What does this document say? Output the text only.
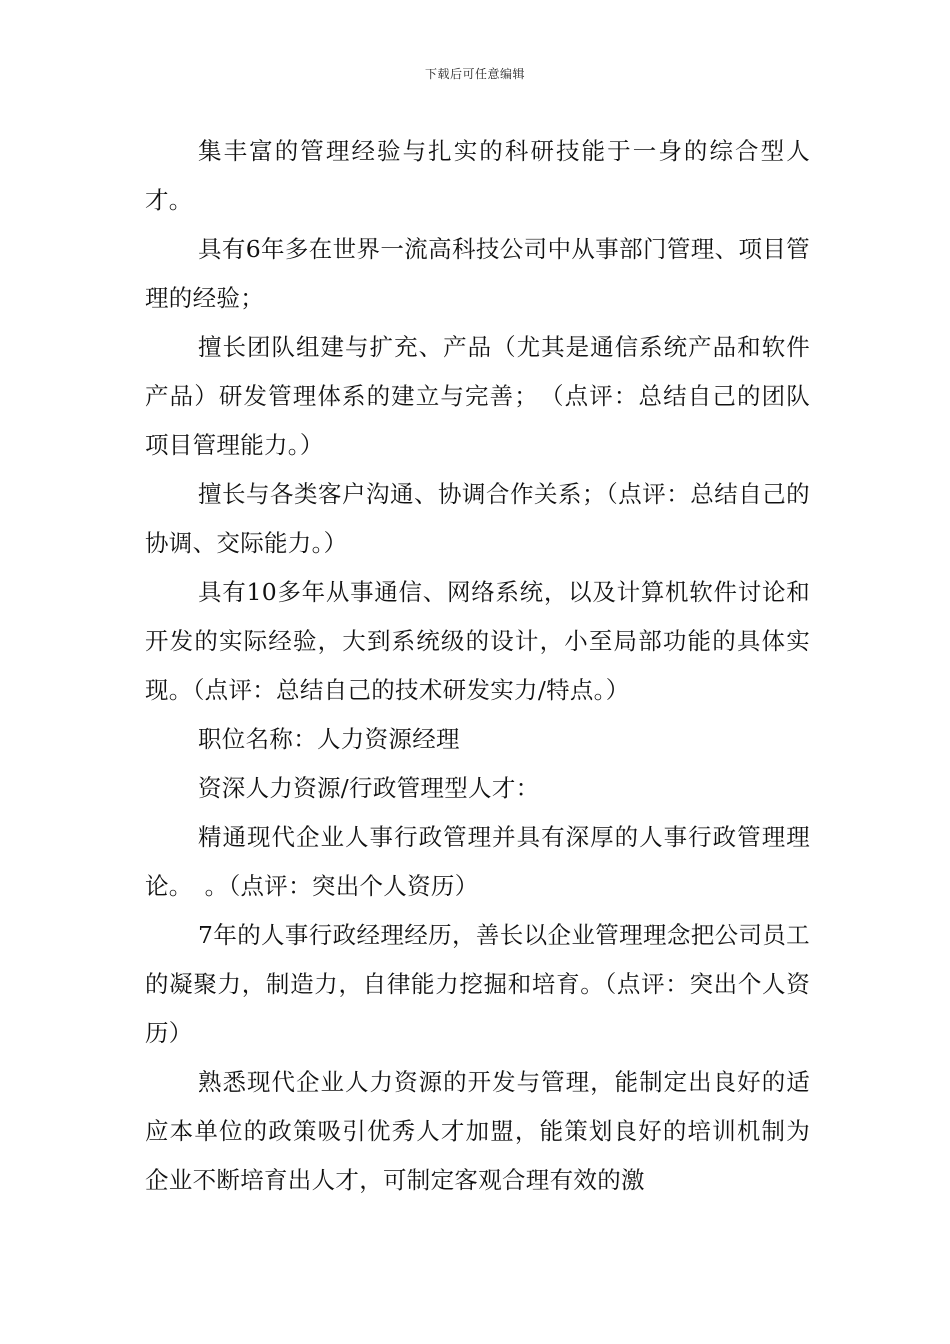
下载后可任意编辑

集丰富的管理经验与扎实的科研技能于一身的综合型人才。

具有6年多在世界一流高科技公司中从事部门管理、项目管理的经验；

擅长团队组建与扩充、产品（尤其是通信系统产品和软件产品）研发管理体系的建立与完善；　（点评：总结自己的团队项目管理能力。）

擅长与各类客户沟通、协调合作关系；（点评：总结自己的协调、交际能力。）

具有10多年从事通信、网络系统，以及计算机软件讨论和开发的实际经验，大到系统级的设计，小至局部功能的具体实现。（点评：总结自己的技术研发实力/特点。）

职位名称：人力资源经理

资深人力资源/行政管理型人才：

精通现代企业人事行政管理并具有深厚的人事行政管理理论。　。（点评：突出个人资历）

7年的人事行政经理经历，善长以企业管理理念把公司员工的凝聚力，制造力，自律能力挖掘和培育。（点评：突出个人资历）

熟悉现代企业人力资源的开发与管理，能制定出良好的适应本单位的政策吸引优秀人才加盟，能策划良好的培训机制为企业不断培育出人才，可制定客观合理有效的激
